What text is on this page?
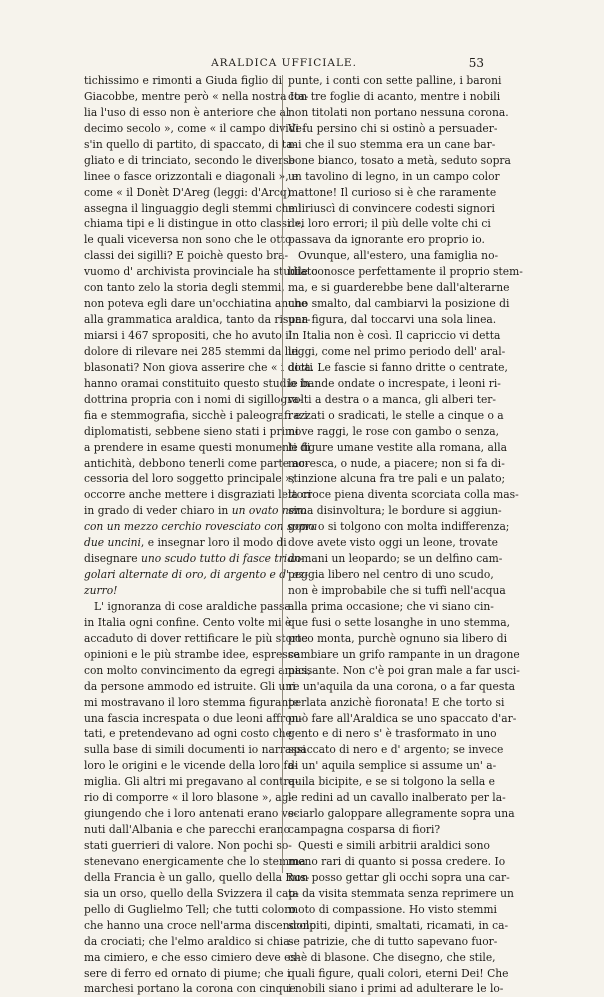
ARALDICA UFFICIALE.	53
tichissimo e rimonti a Giuda figlio di
Giacobbe, mentre però « nella nostra Ita-
lia l'uso di esso non è anteriore che al
decimo secolo », come « il campo divide-
s'in quello di partito, di spaccato, di ta-
gliato e di trinciato, secondo le diverse
linee o fasce orizzontali e diagonali », e
come « il Donèt D'Areg (leggi: d'Arcq)
assegna il linguaggio degli stemmi che li
chiama tipi e li distingue in otto classi »,
le quali viceversa non sono che le otto
classi dei sigilli? E poichè questo bra-
vuomo d' archivista provinciale ha studiato
con tanto zelo la storia degli stemmi,
non poteva egli dare un'occhiatina anche
alla grammatica araldica, tanto da rispar-
miarsi i 467 spropositi, che ho avuto il
dolore di rilevare nei 285 stemmi da lui
blasonati? Non giova asserire che « i dotti
hanno oramai constituito questo studio in
dottrina propria con i nomi di sigillogra-
fia e stemmografia, sicchè i paleografi e i
diplomatisti, sebbene sieno stati i primi
a prendere in esame questi monumenti di
antichità, debbono tenerli come parte ac-
cessoria del loro soggetto principale »;
occorre anche mettere i disgraziati lettori
in grado di veder chiaro in un ovato nero
con un mezzo cerchio rovesciato con sopra
due uncini, e insegnar loro il modo di
disegnare uno scudo tutto di fasce trian-
golari alternate di oro, di argento e d' az-
zurro!
L' ignoranza di cose araldiche passa
in Italia ogni confine. Cento volte mi è
accaduto di dover rettificare le più storte
opinioni e le più strambe idee, espresse
con molto convincimento da egregi amici,
da persone ammodo ed istruite. Gli uni
mi mostravano il loro stemma figurante
una fascia increspata o due leoni affron-
tati, e pretendevano ad ogni costo che
sulla base di simili documenti io narrassi
loro le origini e le vicende della loro fa-
miglia. Gli altri mi pregavano al contra-
rio di comporre « il loro blasone », ag-
giungendo che i loro antenati erano ve-
nuti dall'Albania e che parecchi erano
stati guerrieri di valore. Non pochi so-
stenevano energicamente che lo stemma
della Francia è un gallo, quello della Rus-
sia un orso, quello della Svizzera il cap-
pello di Guglielmo Tell; che tutti coloro
che hanno una croce nell'arma discendono
da crociati; che l'elmo araldico si chia-
ma cimiero, e che esso cimiero deve es-
sere di ferro ed ornato di piume; che i
marchesi portano la corona con cinque
punte, i conti con sette palline, i baroni
con tre foglie di acanto, mentre i nobili
non titolati non portano nessuna corona.
Vi fu persino chi si ostinò a persuader-
mi che il suo stemma era un cane bar-
bone bianco, tosato a metà, seduto sopra
un tavolino di legno, in un campo color
mattone! Il curioso si è che raramente
mi riuscì di convincere codesti signori
dei loro errori; il più delle volte chi ci
passava da ignorante ero proprio io.
Ovunque, all'estero, una famiglia no-
bile conosce perfettamente il proprio stem-
ma, e si guarderebbe bene dall'alterarne
uno smalto, dal cambiarvi la posizione di
una figura, dal toccarvi una sola linea.
In Italia non è così. Il capriccio vi detta
leggi, come nel primo periodo dell' aral-
dica. Le fascie si fanno dritte o centrate,
le bande ondate o increspate, i leoni ri-
volti a destra o a manca, gli alberi ter-
razzati o sradicati, le stelle a cinque o a
nove raggi, le rose con gambo o senza,
le figure umane vestite alla romana, alla
moresca, o nude, a piacere; non si fa di-
stinzione alcuna fra tre pali e un palato;
la croce piena diventa scorciata colla mas-
sima disinvoltura; le bordure si aggiun-
gono o si tolgono con molta indifferenza;
dove avete visto oggi un leone, trovate
domani un leopardo; se un delfino cam-
peggia libero nel centro di uno scudo,
non è improbabile che si tuffi nell'acqua
alla prima occasione; che vi siano cin-
que fusi o sette losanghe in uno stemma,
poco monta, purchè ognuno sia libero di
cambiare un grifo rampante in un dragone
passante. Non c'è poi gran male a far usci-
re un'aquila da una corona, o a far questa
perlata anzichè fioronata! E che torto si
può fare all'Araldica se uno spaccato d'ar-
gento e di nero s' è trasformato in uno
spaccato di nero e d' argento; se invece
di un' aquila semplice si assume un' a-
quila bicipite, e se si tolgono la sella e
le redini ad un cavallo inalberato per la-
sciarlo galoppare allegramente sopra una
campagna cosparsa di fiori?
Questi e simili arbitrii araldici sono
meno rari di quanto si possa credere. Io
non posso gettar gli occhi sopra una car-
ta da visita stemmata senza reprimere un
moto di compassione. Ho visto stemmi
scolpiti, dipinti, smaltati, ricamati, in ca-
se patrizie, che di tutto sapevano fuor-
chè di blasone. Che disegno, che stile,
quali figure, quali colori, eterni Dei! Che
i nobili siano i primi ad adulterare le lo-
